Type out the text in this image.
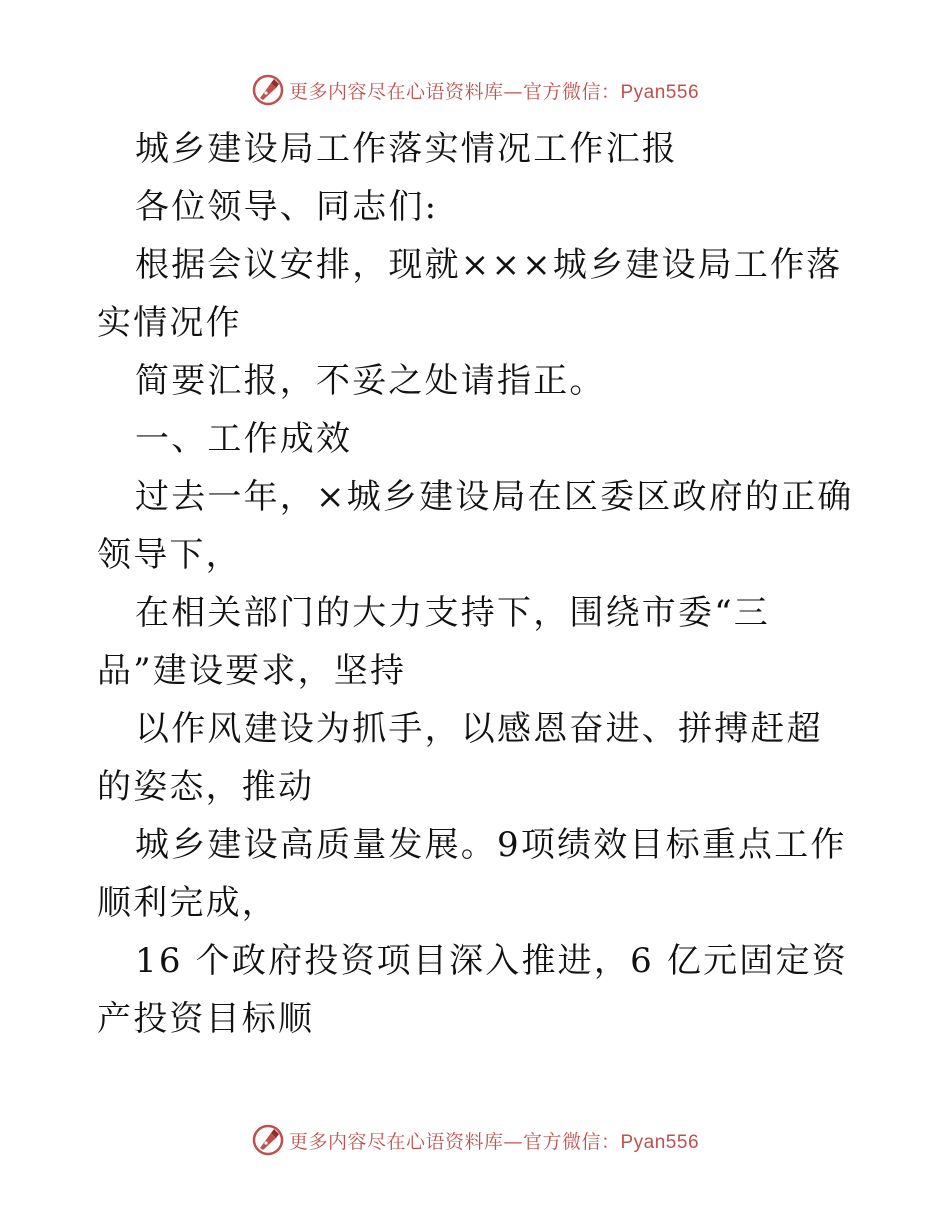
更多内容尽在心语资料库—官方微信：Pyan556

城乡建设局工作落实情况工作汇报

各位领导、同志们:

根据会议安排，现就×××城乡建设局工作落实情况作

简要汇报，不妥之处请指正。

一、工作成效

过去一年，×城乡建设局在区委区政府的正确领导下，

在相关部门的大力支持下，围绕市委“三品”建设要求，坚持

以作风建设为抓手，以感恩奋进、拼搏赶超的姿态，推动

城乡建设高质量发展。9项绩效目标重点工作顺利完成，

16 个政府投资项目深入推进，6 亿元固定资产投资目标顺

更多内容尽在心语资料库—官方微信：Pyan556
